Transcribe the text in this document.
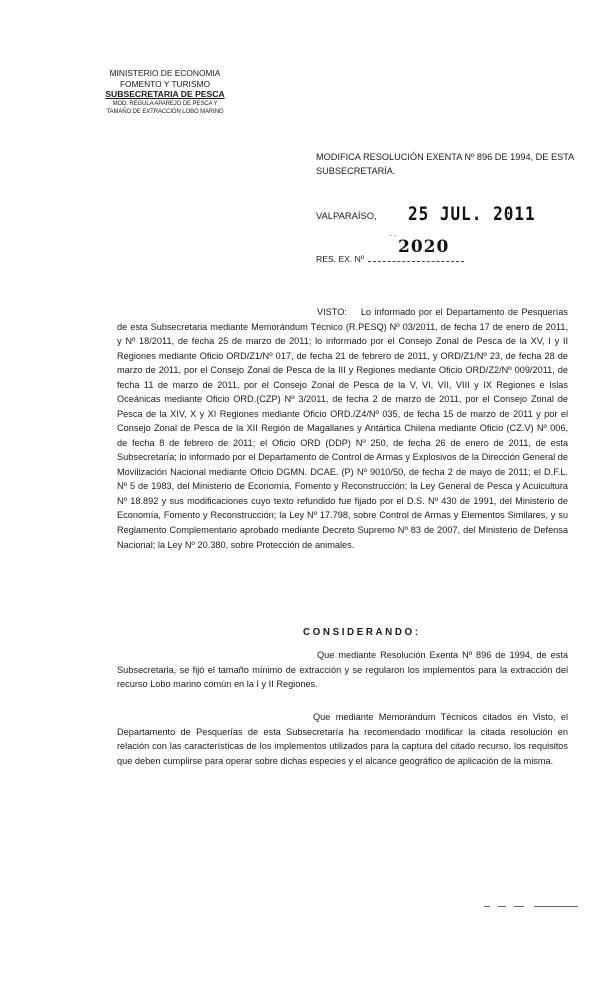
MINISTERIO DE ECONOMIA
FOMENTO Y TURISMO
SUBSECRETARIA DE PESCA
MOD. REGULA APAREJO DE PESCA Y
TAMAÑO DE EXTRACCIÓN LOBO MARINO
MODIFICA RESOLUCIÓN EXENTA Nº 896 DE 1994, DE ESTA SUBSECRETARÍA.
VALPARAÍSO, 25 JUL. 2011
- -
2020
RES. EX. Nº

VISTO: Lo informado por el Departamento de Pesquerías de esta Subsecretaria mediante Memorándum Técnico (R.PESQ) Nº 03/2011, de fecha 17 de enero de 2011, y Nº 18/2011, de fecha 25 de marzo de 2011; lo informado por el Consejo Zonal de Pesca de la XV, I y II Regiones mediante Oficio ORD/Z1/Nº 017, de fecha 21 de febrero de 2011, y ORD/Z1/Nº 23, de fecha 28 de marzo de 2011, por el Consejo Zonal de Pesca de la III y Regiones mediante Oficio ORD/Z2/Nº 009/2011, de fecha 11 de marzo de 2011, por el Consejo Zonal de Pesca de la V, VI, VII, VIII y IX Regiones e Islas Oceánicas mediante Oficio ORD.(CZP) Nº 3/2011, de fecha 2 de marzo de 2011, por el Consejo Zonal de Pesca de la XIV, X y XI Regiones mediante Oficio ORD./Z4/Nº 035, de fecha 15 de marzo de 2011 y por el Consejo Zonal de Pesca de la XII Región de Magallanes y Antártica Chilena mediante Oficio (CZ.V) Nº 006, de fecha 8 de febrero de 2011; el Oficio ORD (DDP) Nº 250, de fecha 26 de enero de 2011, de esta Subsecretaría; lo informado por el Departamento de Control de Armas y Explosivos de la Dirección General de Movilización Nacional mediante Oficio DGMN. DCAE. (P) Nº 9010/50, de fecha 2 de mayo de 2011; el D.F.L. Nº 5 de 1983, del Ministerio de Economía, Fomento y Reconstrucción; la Ley General de Pesca y Acuicultura Nº 18.892 y sus modificaciones cuyo texto refundido fue fijado por el D.S. Nº 430 de 1991, del Ministerio de Economía, Fomento y Reconstrucción; la Ley Nº 17.798, sobre Control de Armas y Elementos Similares, y su Reglamento Complementario aprobado mediante Decreto Supremo Nº 83 de 2007, del Ministerio de Defensa Nacional; la Ley Nº 20.380, sobre Protección de animales.

CONSIDERANDO:

Que mediante Resolución Exenta Nº 896 de 1994, de esta Subsecretaria, se fijó el tamaño mínimo de extracción y se regularon los implementos para la extracción del recurso Lobo marino común en la I y II Regiones.

Que mediante Memorándum Técnicos citados en Visto, el Departamento de Pesquerías de esta Subsecretaría ha recomendado modificar la citada resolución en relación con las características de los implementos utilizados para la captura del citado recurso, los requisitos que deben cumplirse para operar sobre dichas especies y el alcance geográfico de aplicación de la misma.
